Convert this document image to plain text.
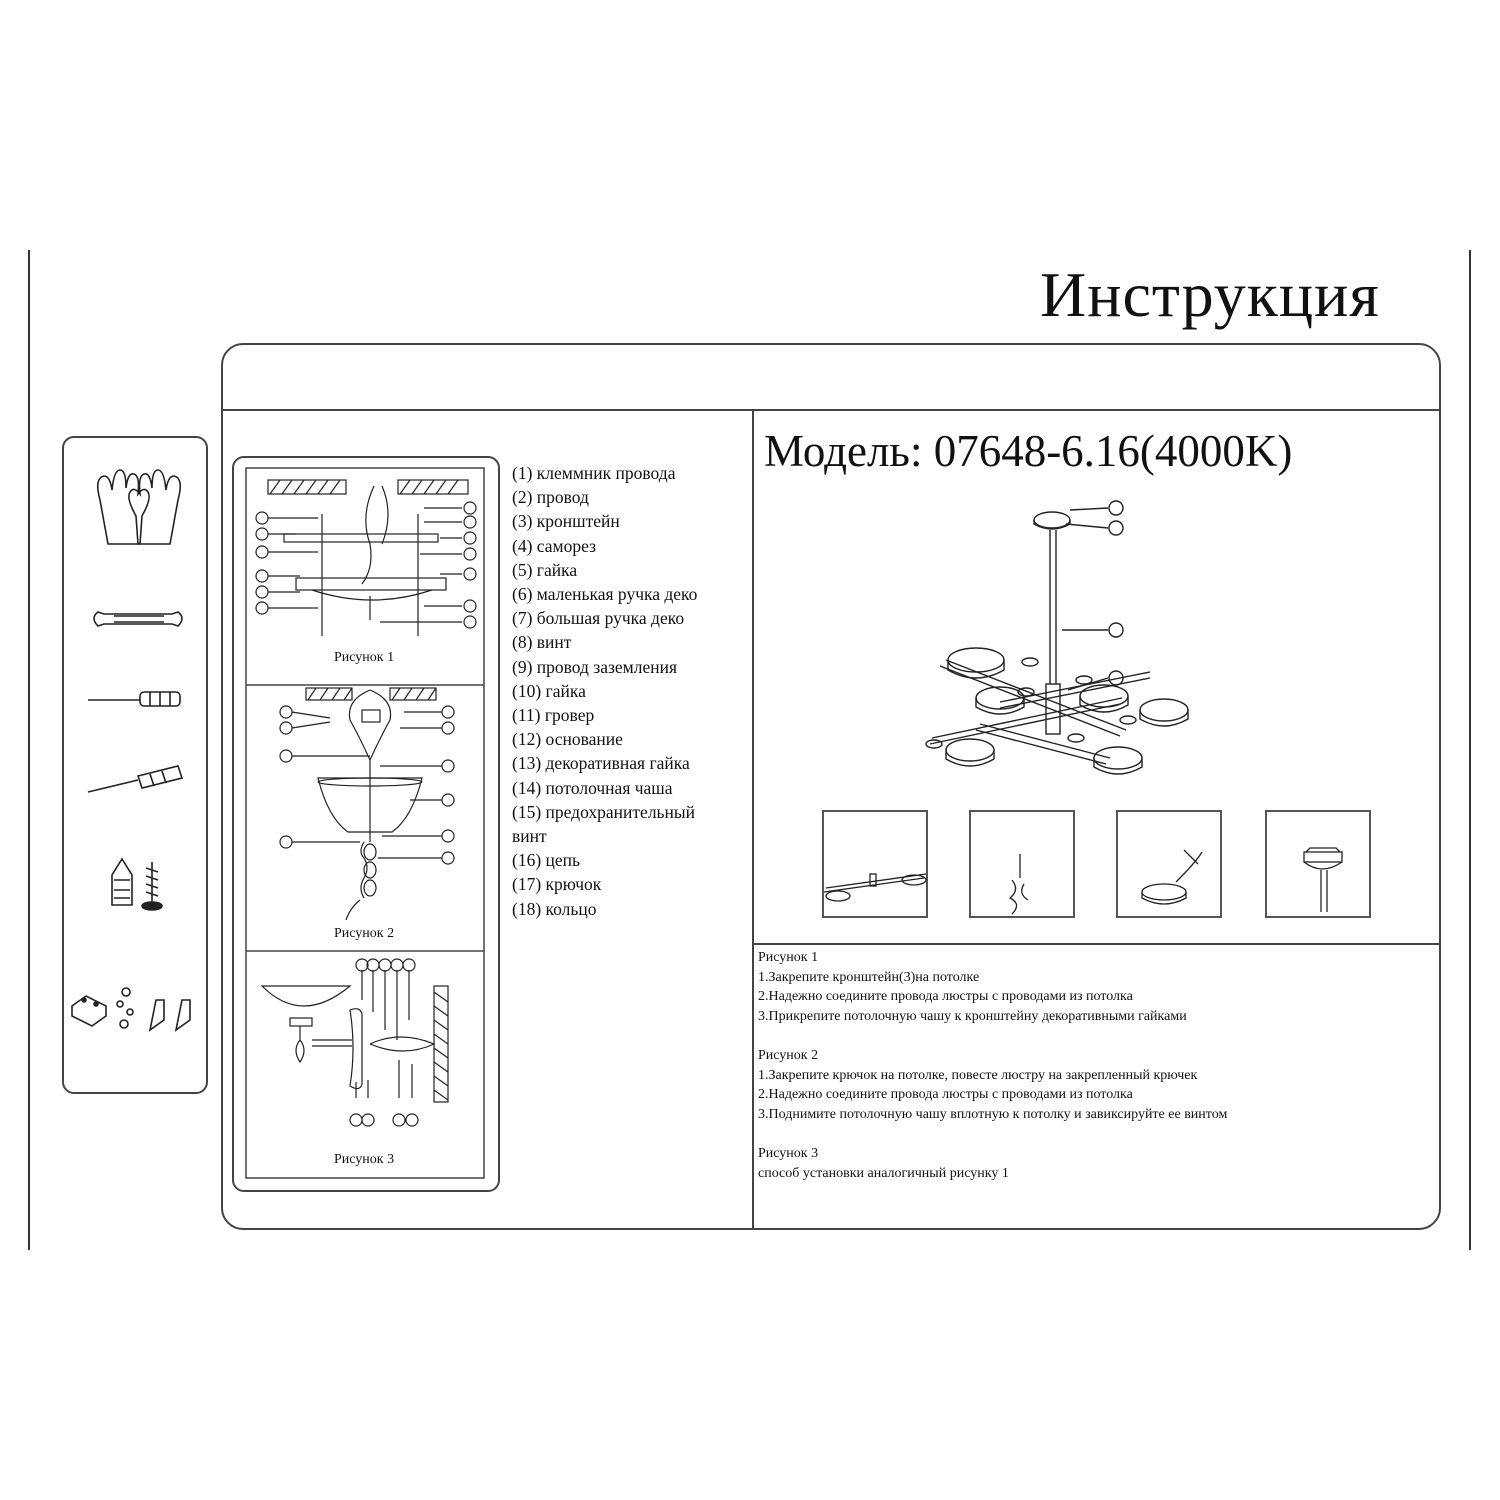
Инструкция
Рисунок 1
Рисунок 2
Рисунок 3
(1) клеммник провода
(2) провод
(3) кронштейн
(4) саморез
(5) гайка
(6) маленькая ручка деко
(7) большая ручка деко
(8) винт
(9) провод заземления
(10) гайка
(11) гровер
(12) основание
(13) декоративная гайка
(14) потолочная чаша
(15) предохранительный
винт
(16) цепь
(17) крючок
(18) кольцо
Модель: 07648-6.16(4000K)
Рисунок 1
1.Закрепите кронштейн(3)на потолке
2.Надежно соедините провода люстры с проводами из потолка
3.Прикрепите потолочную чашу к кронштейну декоративными гайками
Рисунок 2
1.Закрепите крючок на потолке, повесте люстру на закрепленный крючек
2.Надежно соедините провода люстры с проводами из потолка
3.Поднимите потолочную чашу вплотную к потолку и завиксируйте ее винтом
Рисунок 3
способ установки аналогичный рисунку 1
